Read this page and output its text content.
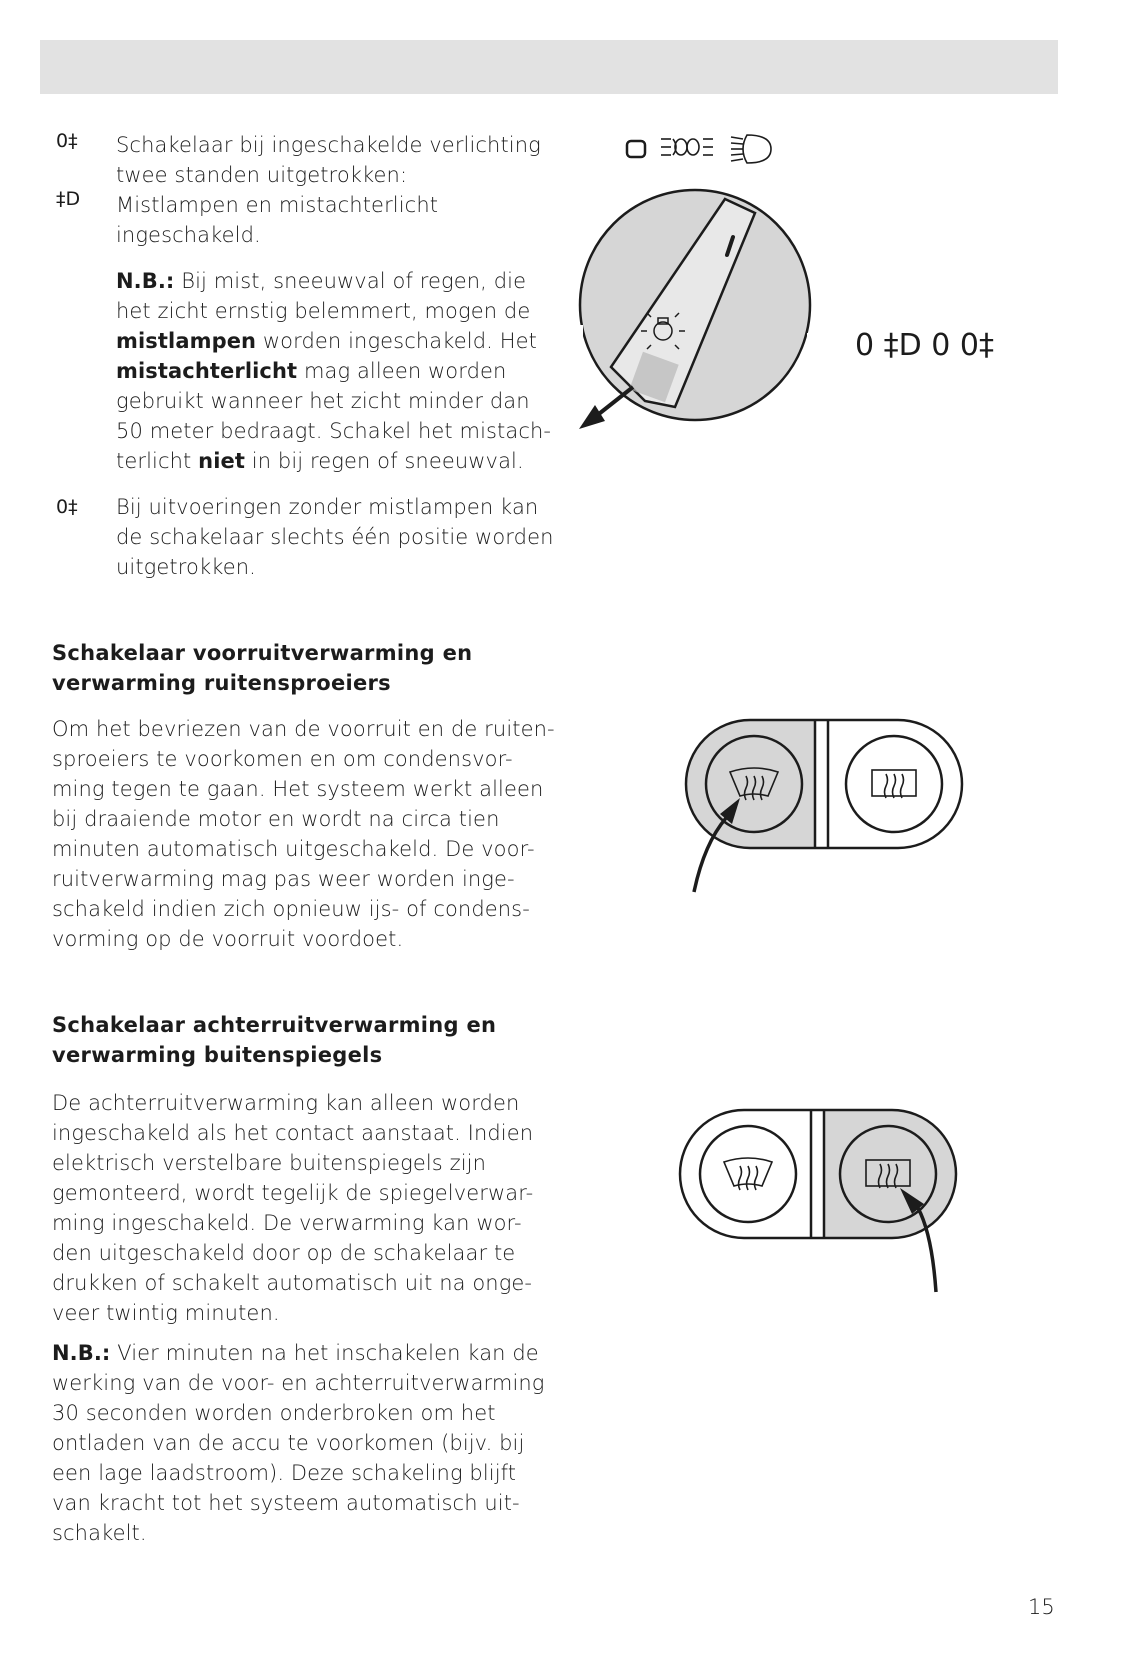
0‡
‡D

Schakelaar bij ingeschakelde verlichting

twee standen uitgetrokken:

Mistlampen en mistachterlicht

ingeschakeld.

N.B.: Bij mist, sneeuwval of regen, die

het zicht ernstig belemmert, mogen de

mistlampen worden ingeschakeld. Het

mistachterlicht mag alleen worden

gebruikt wanneer het zicht minder dan

50 meter bedraagt. Schakel het mistach-

terlicht niet in bij regen of sneeuwval.

0‡ Bij uitvoeringen zonder mistlampen kan

de schakelaar slechts één positie worden

uitgetrokken.

0 ‡D 0 0‡
Schakelaar voorruitverwarming en
verwarming ruitensproeiers

Om het bevriezen van de voorruit en de ruiten-

sproeiers te voorkomen en om condensvor-

ming tegen te gaan. Het systeem werkt alleen

bij draaiende motor en wordt na circa tien

minuten automatisch uitgeschakeld. De voor-

ruitverwarming mag pas weer worden inge-

schakeld indien zich opnieuw ijs- of condens-

vorming op de voorruit voordoet.

Schakelaar achterruitverwarming en
verwarming buitenspiegels

De achterruitverwarming kan alleen worden

ingeschakeld als het contact aanstaat. Indien

elektrisch verstelbare buitenspiegels zijn

gemonteerd, wordt tegelijk de spiegelverwar-

ming ingeschakeld. De verwarming kan wor-

den uitgeschakeld door op de schakelaar te

drukken of schakelt automatisch uit na onge-

veer twintig minuten.

N.B.: Vier minuten na het inschakelen kan de

werking van de voor- en achterruitverwarming

30 seconden worden onderbroken om het

ontladen van de accu te voorkomen (bijv. bij

een lage laadstroom). Deze schakeling blijft

van kracht tot het systeem automatisch uit-

schakelt.

15
